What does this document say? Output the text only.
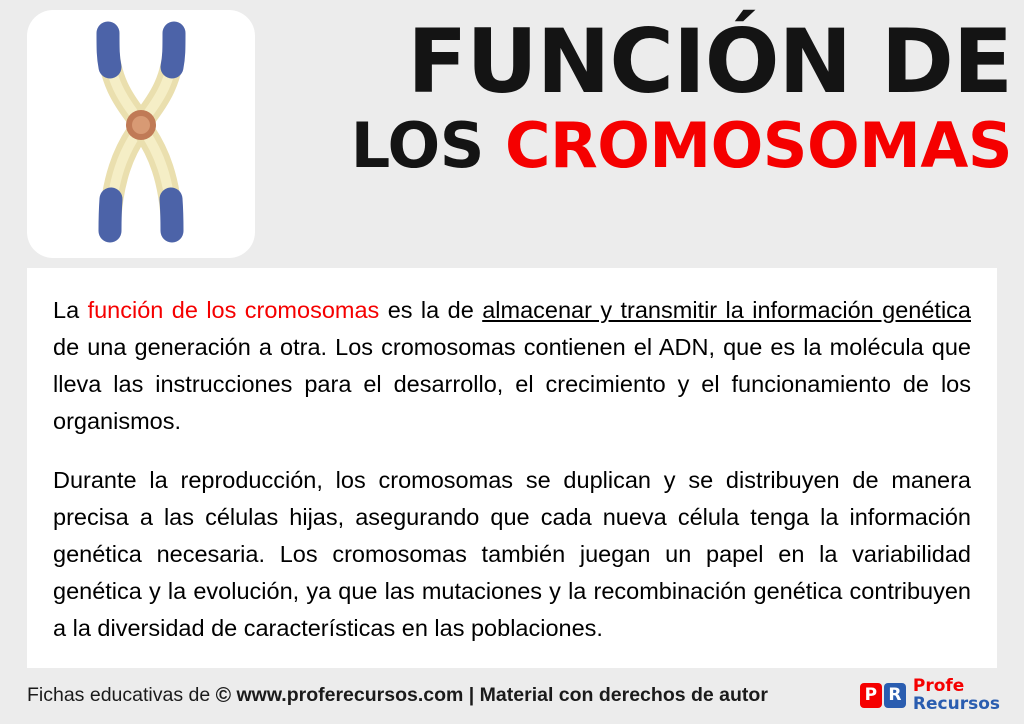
FUNCIÓN DE
LOS CROMOSOMAS

La función de los cromosomas es la de almacenar y transmitir la información genética de una generación a otra. Los cromosomas contienen el ADN, que es la molécula que lleva las instrucciones para el desarrollo, el crecimiento y el funcionamiento de los organismos.

Durante la reproducción, los cromosomas se duplican y se distribuyen de manera precisa a las células hijas, asegurando que cada nueva célula tenga la información genética necesaria. Los cromosomas también juegan un papel en la variabilidad genética y la evolución, ya que las mutaciones y la recombinación genética contribuyen a la diversidad de características en las poblaciones.

Fichas educativas de © www.proferecursos.com | Material con derechos de autor	P R Profe
Recursos
